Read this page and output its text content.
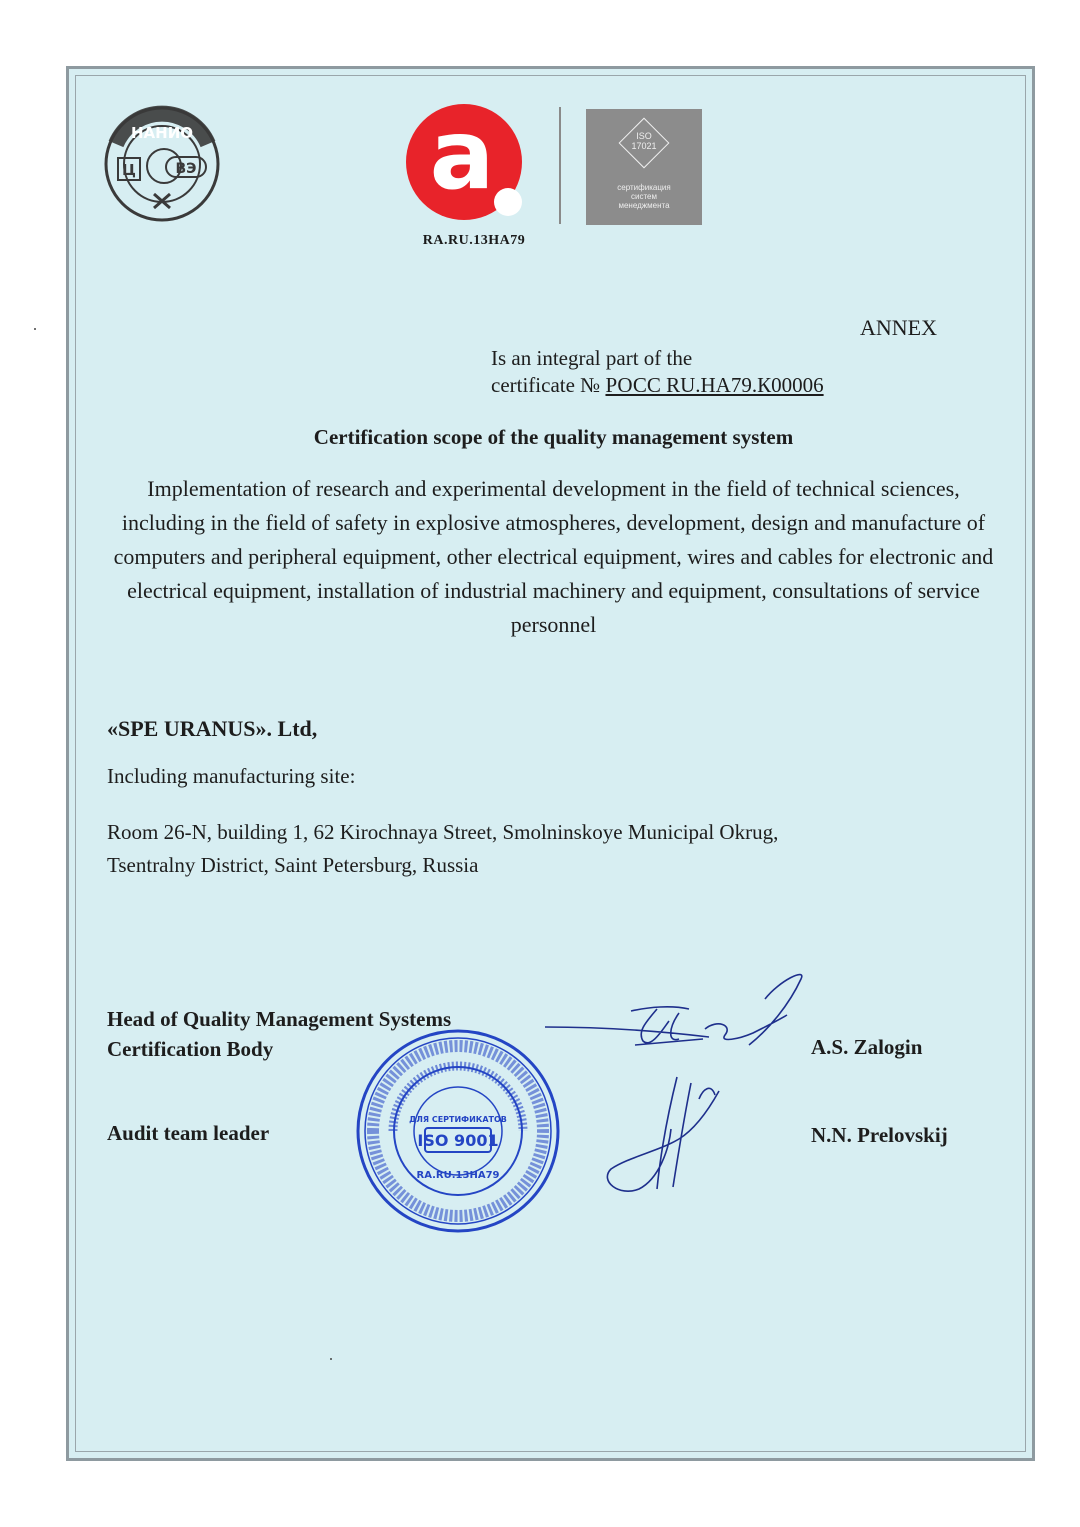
НАНИО
Ц	ВЭ a
RA.RU.13НА79
ISO
17021
сертификация
систем
менеджмента
ANNEX
Is an integral part of the
certificate № РОСС RU.НА79.К00006
Certification scope of the quality management system
Implementation of research and experimental development in the field of technical sciences, including in the field of safety in explosive atmospheres, development, design and manufacture of computers and peripheral equipment, other electrical equipment, wires and cables for electronic and electrical equipment, installation of industrial machinery and equipment, consultations of service personnel
«SPE URANUS». Ltd,
Including manufacturing site:
Room 26-N, building 1, 62 Kirochnaya Street, Smolninskoye Municipal Okrug,
Tsentralny District, Saint Petersburg, Russia
Head of Quality Management Systems
Certification Body
Audit team leader
A.S. Zalogin
N.N. Prelovskij
ДЛЯ СЕРТИФИКАТОВ
ISO 9001
RA.RU.13НА79
